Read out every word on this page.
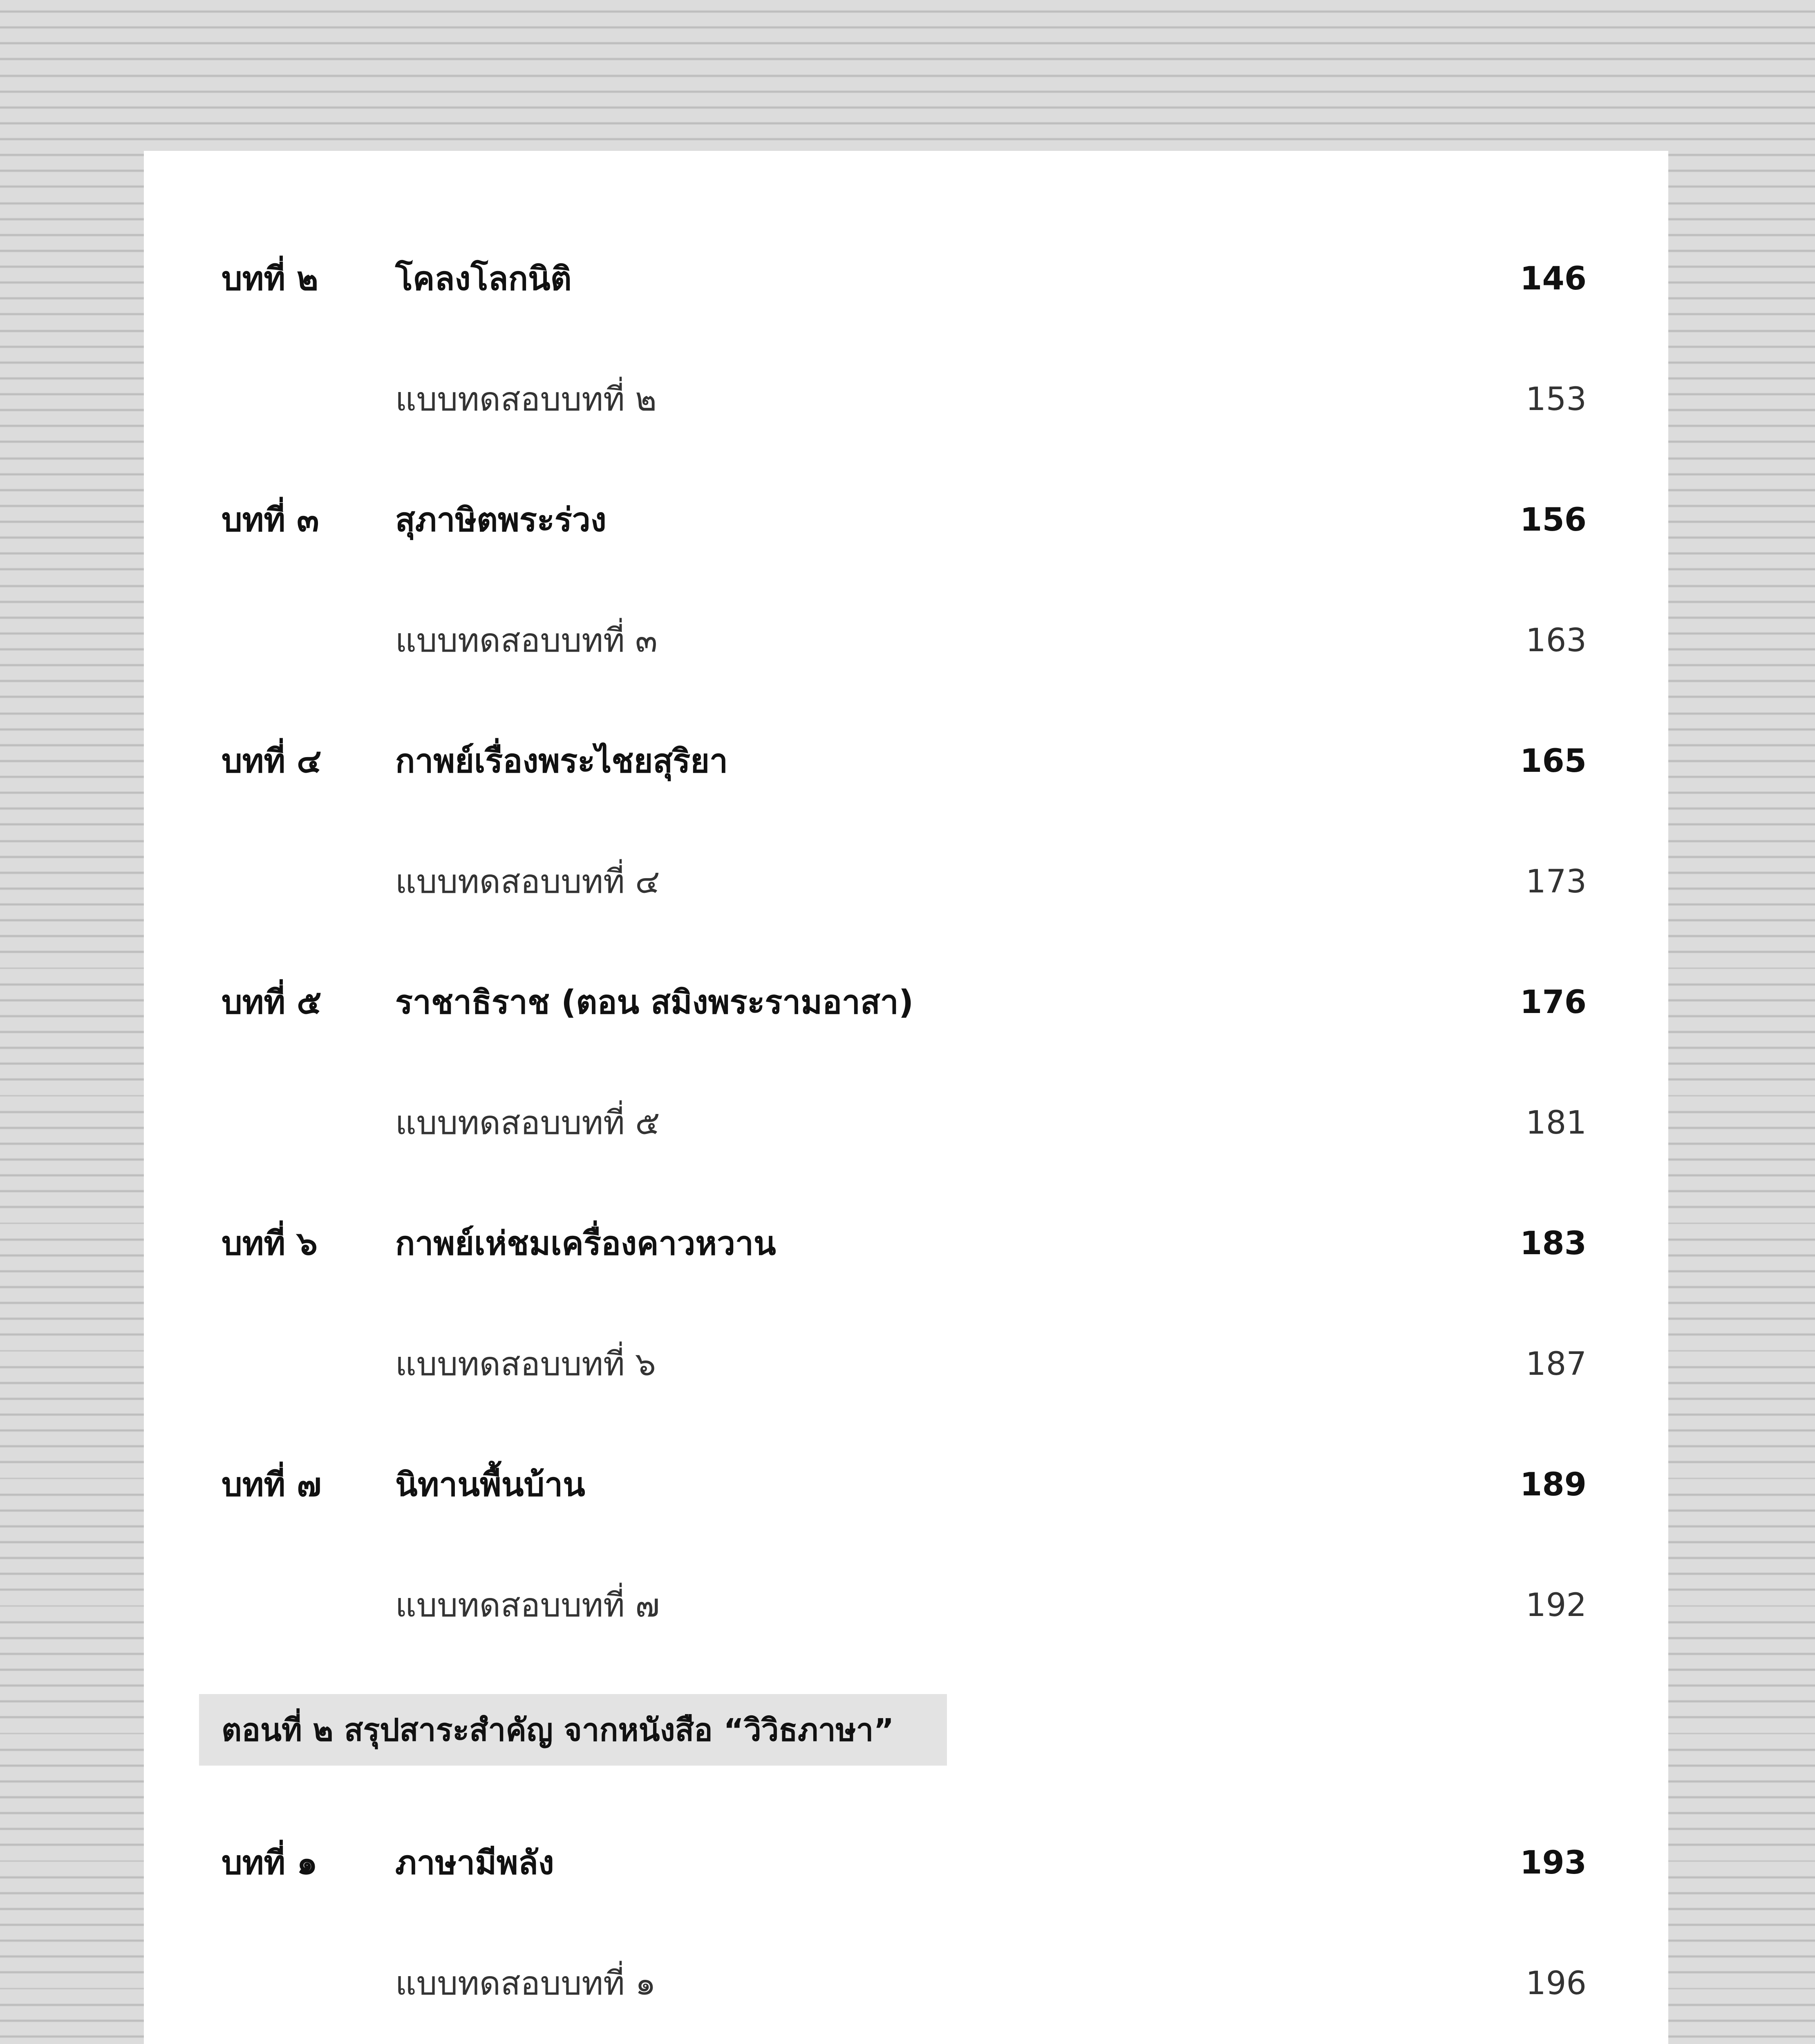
บทที่ ๒	โคลงโลกนิติ	146
แบบทดสอบบทที่ ๒	153
บทที่ ๓	สุภาษิตพระร่วง	156
แบบทดสอบบทที่ ๓	163
บทที่ ๔	กาพย์เรื่องพระไชยสุริยา	165
แบบทดสอบบทที่ ๔	173
บทที่ ๕	ราชาธิราช (ตอน สมิงพระรามอาสา)	176
แบบทดสอบบทที่ ๕	181
บทที่ ๖	กาพย์เห่ชมเครื่องคาวหวาน	183
แบบทดสอบบทที่ ๖	187
บทที่ ๗	นิทานพื้นบ้าน	189
แบบทดสอบบทที่ ๗	192
ตอนที่ ๒ สรุปสาระสำคัญ จากหนังสือ “วิวิธภาษา”
บทที่ ๑	ภาษามีพลัง	193
แบบทดสอบบทที่ ๑	196
